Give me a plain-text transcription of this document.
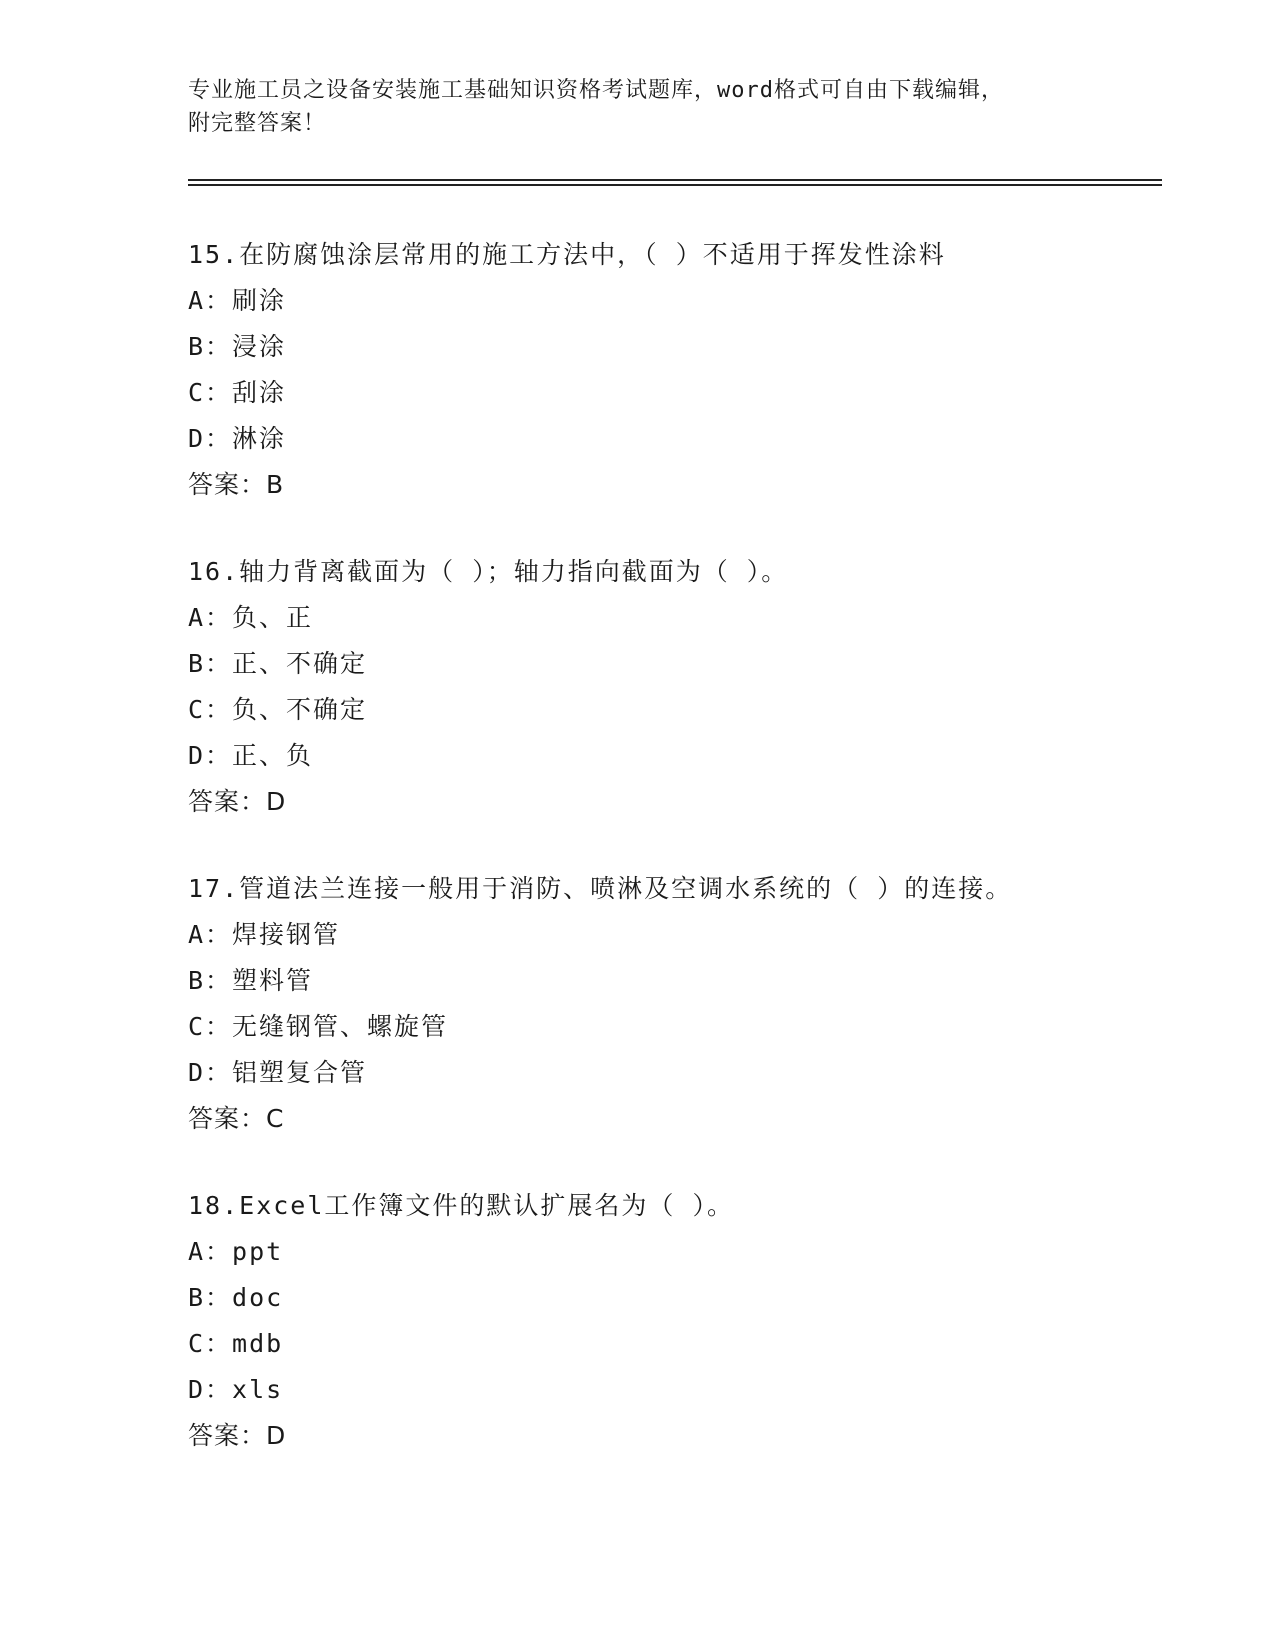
专业施工员之设备安装施工基础知识资格考试题库，word格式可自由下载编辑，
附完整答案！
15.在防腐蚀涂层常用的施工方法中，（ ）不适用于挥发性涂料
A：刷涂
B：浸涂
C：刮涂
D：淋涂
答案：B
16.轴力背离截面为（ ）；轴力指向截面为（ ）。
A：负、正
B：正、不确定
C：负、不确定
D：正、负
答案：D
17.管道法兰连接一般用于消防、喷淋及空调水系统的（ ）的连接。
A：焊接钢管
B：塑料管
C：无缝钢管、螺旋管
D：铝塑复合管
答案：C
18.Excel工作簿文件的默认扩展名为（ ）。
A：ppt
B：doc
C：mdb
D：xls
答案：D
